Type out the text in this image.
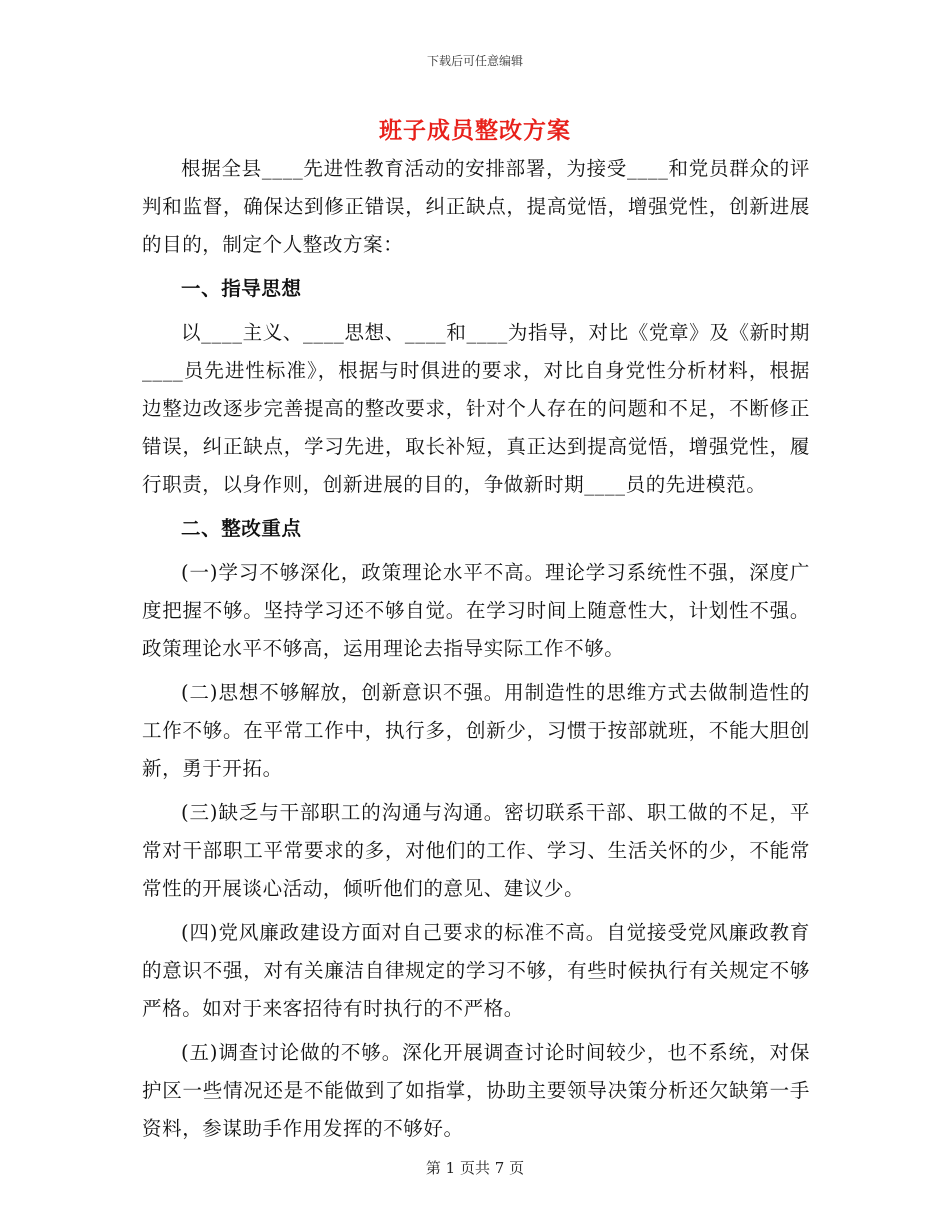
下载后可任意编辑
班子成员整改方案

根据全县____先进性教育活动的安排部署，为接受____和党员群众的评判和监督，确保达到修正错误，纠正缺点，提高觉悟，增强党性，创新进展的目的，制定个人整改方案：

一、指导思想

以____主义、____思想、____和____为指导，对比《党章》及《新时期____员先进性标准》，根据与时俱进的要求，对比自身党性分析材料，根据边整边改逐步完善提高的整改要求，针对个人存在的问题和不足，不断修正错误，纠正缺点，学习先进，取长补短，真正达到提高觉悟，增强党性，履行职责，以身作则，创新进展的目的，争做新时期____员的先进模范。

二、整改重点

(一)学习不够深化，政策理论水平不高。理论学习系统性不强，深度广度把握不够。坚持学习还不够自觉。在学习时间上随意性大，计划性不强。政策理论水平不够高，运用理论去指导实际工作不够。

(二)思想不够解放，创新意识不强。用制造性的思维方式去做制造性的工作不够。在平常工作中，执行多，创新少，习惯于按部就班，不能大胆创新，勇于开拓。

(三)缺乏与干部职工的沟通与沟通。密切联系干部、职工做的不足，平常对干部职工平常要求的多，对他们的工作、学习、生活关怀的少，不能常常性的开展谈心活动，倾听他们的意见、建议少。

(四)党风廉政建设方面对自己要求的标准不高。自觉接受党风廉政教育的意识不强，对有关廉洁自律规定的学习不够，有些时候执行有关规定不够严格。如对于来客招待有时执行的不严格。

(五)调查讨论做的不够。深化开展调查讨论时间较少，也不系统，对保护区一些情况还是不能做到了如指掌，协助主要领导决策分析还欠缺第一手资料，参谋助手作用发挥的不够好。

第 1 页共 7 页
